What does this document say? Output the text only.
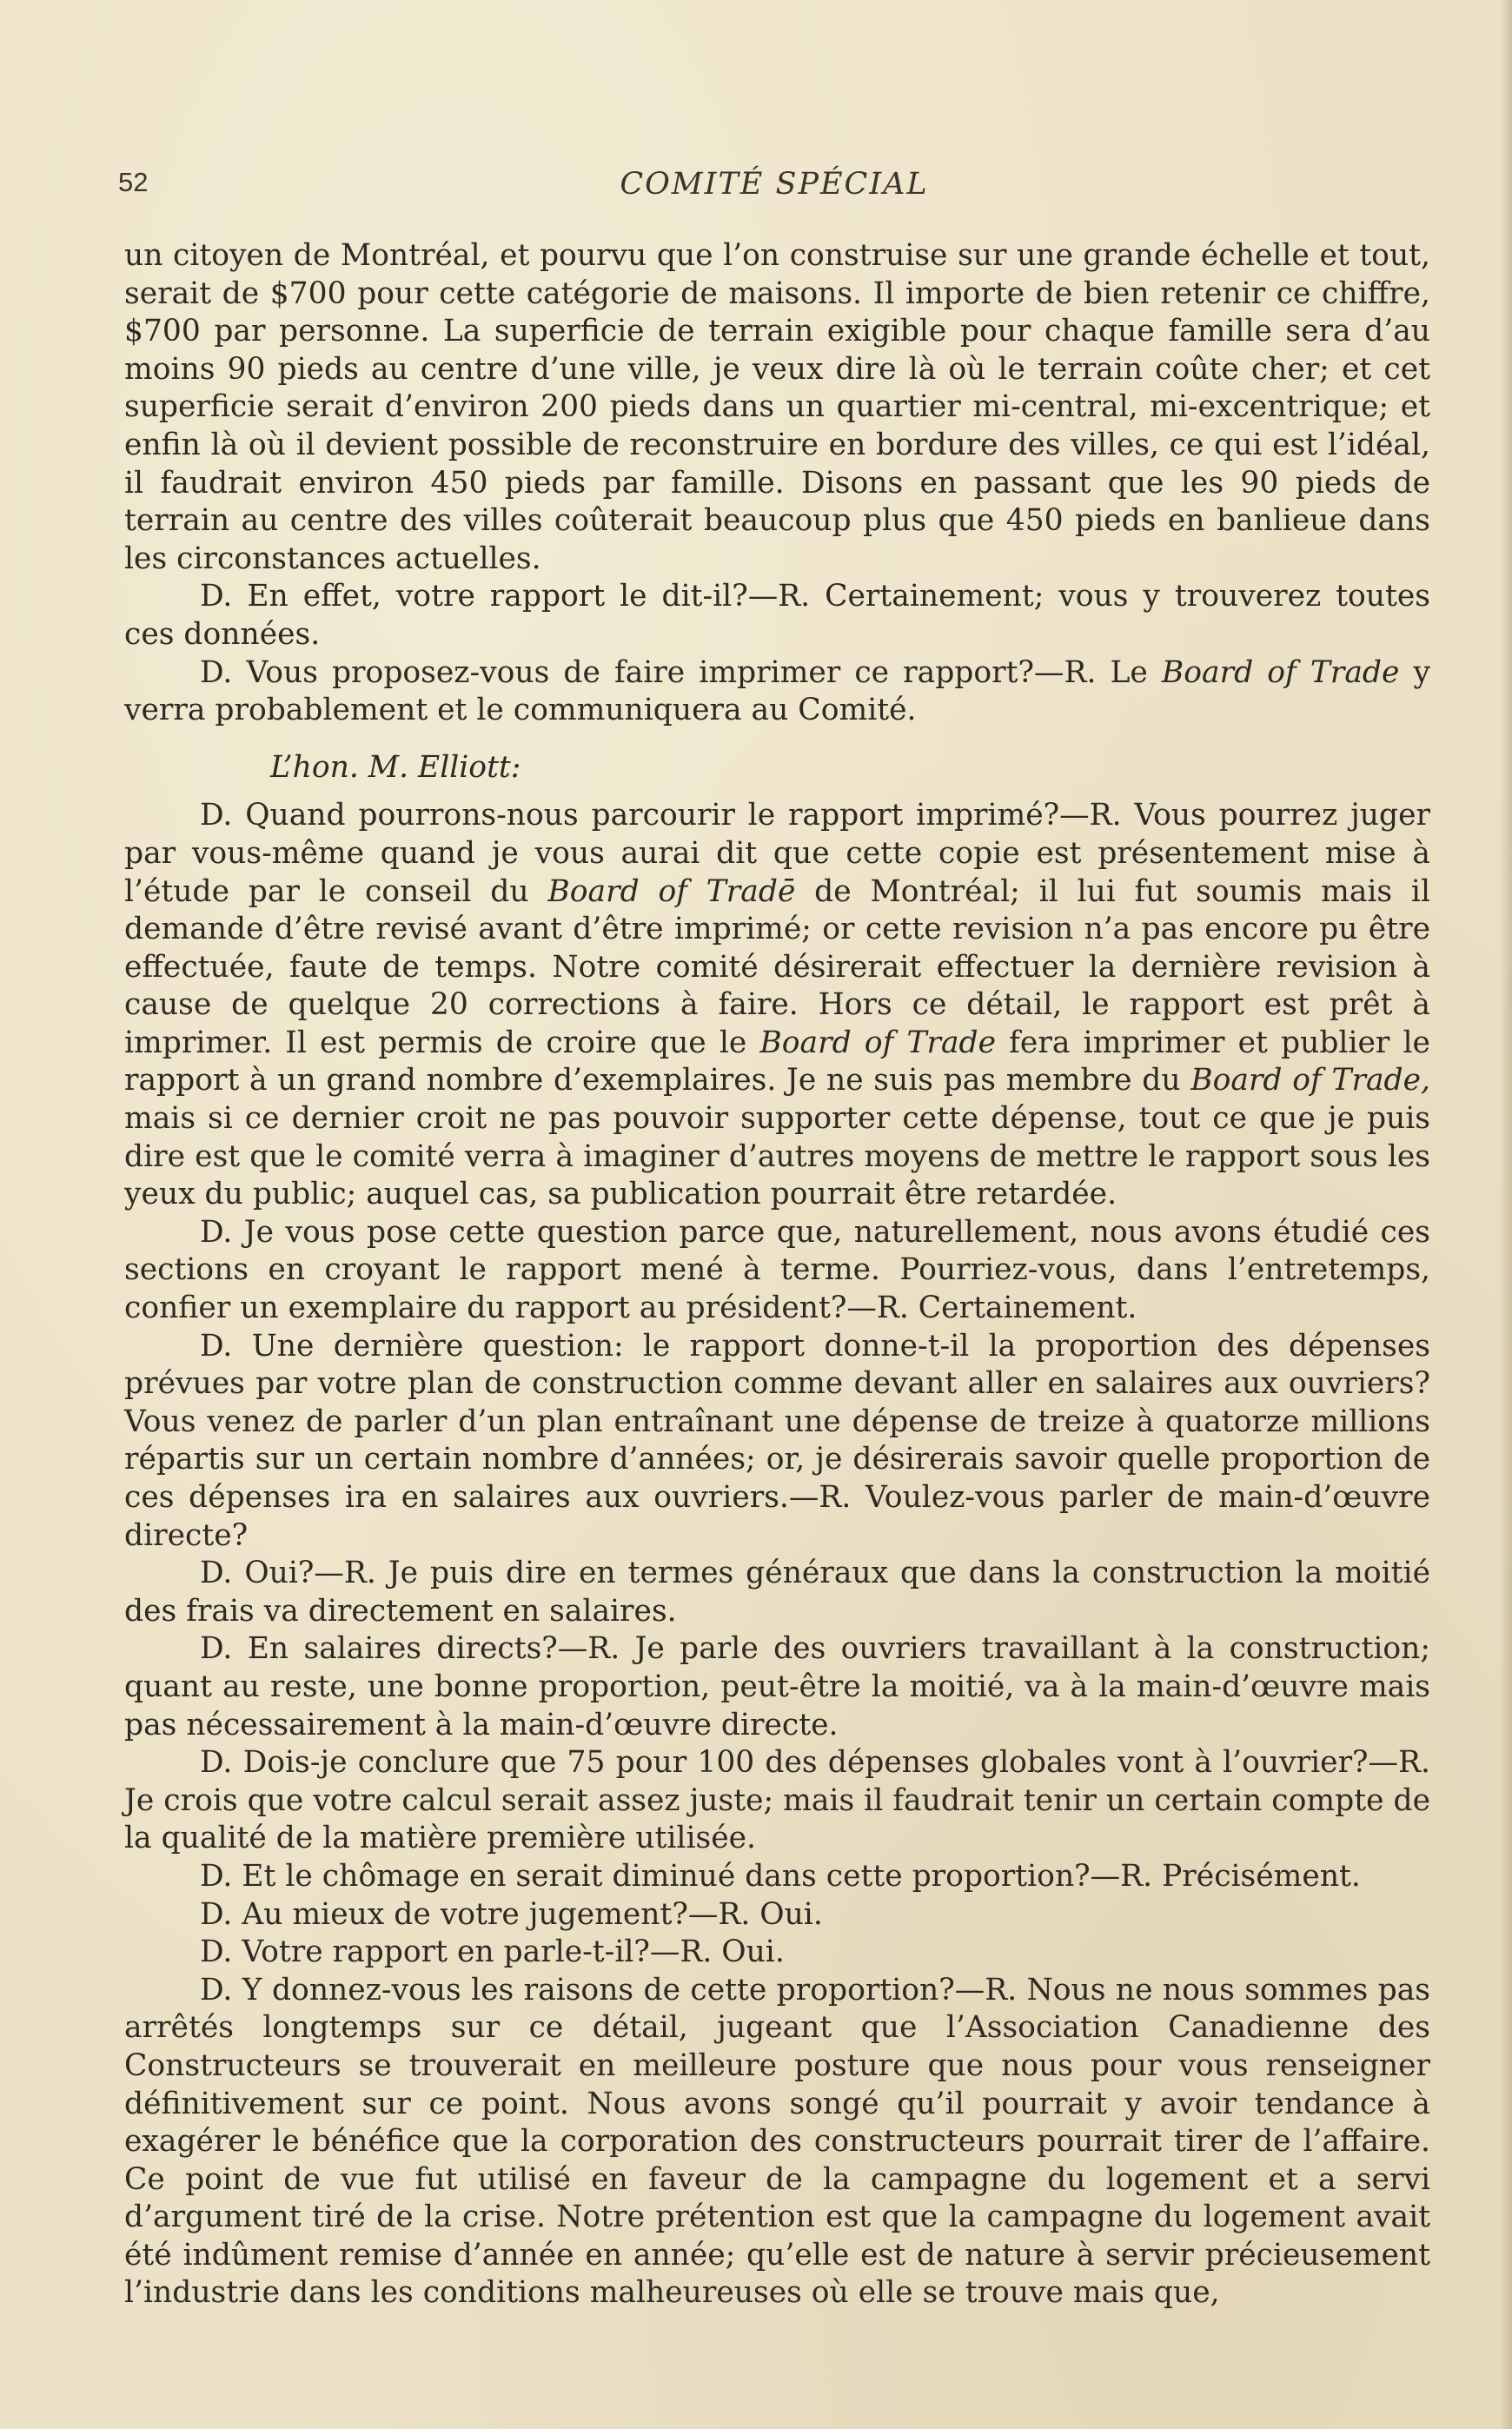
52	COMITÉ SPÉCIAL

un citoyen de Montréal, et pourvu que l’on construise sur une grande échelle et tout, serait de $700 pour cette catégorie de maisons. Il importe de bien retenir ce chiffre, $700 par personne. La superficie de terrain exigible pour chaque famille sera d’au moins 90 pieds au centre d’une ville, je veux dire là où le terrain coûte cher; et cet superficie serait d’environ 200 pieds dans un quartier mi-central, mi-excentrique; et enfin là où il devient possible de reconstruire en bordure des villes, ce qui est l’idéal, il faudrait environ 450 pieds par famille. Disons en passant que les 90 pieds de terrain au centre des villes coûterait beaucoup plus que 450 pieds en banlieue dans les circonstances actuelles.

D. En effet, votre rapport le dit-il?—R. Certainement; vous y trouverez toutes ces données.

D. Vous proposez-vous de faire imprimer ce rapport?—R. Le Board of Trade y verra probablement et le communiquera au Comité.

L’hon. M. Elliott:

D. Quand pourrons-nous parcourir le rapport imprimé?—R. Vous pourrez juger par vous-même quand je vous aurai dit que cette copie est présentement mise à l’étude par le conseil du Board of Tradē de Montréal; il lui fut soumis mais il demande d’être revisé avant d’être imprimé; or cette revision n’a pas encore pu être effectuée, faute de temps. Notre comité désirerait effectuer la dernière revision à cause de quelque 20 corrections à faire. Hors ce détail, le rapport est prêt à imprimer. Il est permis de croire que le Board of Trade fera imprimer et publier le rapport à un grand nombre d’exemplaires. Je ne suis pas membre du Board of Trade, mais si ce dernier croit ne pas pouvoir supporter cette dépense, tout ce que je puis dire est que le comité verra à imaginer d’autres moyens de mettre le rapport sous les yeux du public; auquel cas, sa publication pourrait être retardée.

D. Je vous pose cette question parce que, naturellement, nous avons étudié ces sections en croyant le rapport mené à terme. Pourriez-vous, dans l’entretemps, confier un exemplaire du rapport au président?—R. Certainement.

D. Une dernière question: le rapport donne-t-il la proportion des dépenses prévues par votre plan de construction comme devant aller en salaires aux ouvriers? Vous venez de parler d’un plan entraînant une dépense de treize à quatorze millions répartis sur un certain nombre d’années; or, je désirerais savoir quelle proportion de ces dépenses ira en salaires aux ouvriers.—R. Voulez-vous parler de main-d’œuvre directe?

D. Oui?—R. Je puis dire en termes généraux que dans la construction la moitié des frais va directement en salaires.

D. En salaires directs?—R. Je parle des ouvriers travaillant à la construction; quant au reste, une bonne proportion, peut-être la moitié, va à la main-d’œuvre mais pas nécessairement à la main-d’œuvre directe.

D. Dois-je conclure que 75 pour 100 des dépenses globales vont à l’ouvrier?—R. Je crois que votre calcul serait assez juste; mais il faudrait tenir un certain compte de la qualité de la matière première utilisée.

D. Et le chômage en serait diminué dans cette proportion?—R. Précisément.

D. Au mieux de votre jugement?—R. Oui.

D. Votre rapport en parle-t-il?—R. Oui.

D. Y donnez-vous les raisons de cette proportion?—R. Nous ne nous sommes pas arrêtés longtemps sur ce détail, jugeant que l’Association Canadienne des Constructeurs se trouverait en meilleure posture que nous pour vous renseigner définitivement sur ce point. Nous avons songé qu’il pourrait y avoir tendance à exagérer le bénéfice que la corporation des constructeurs pourrait tirer de l’affaire. Ce point de vue fut utilisé en faveur de la campagne du logement et a servi d’argument tiré de la crise. Notre prétention est que la campagne du logement avait été indûment remise d’année en année; qu’elle est de nature à servir précieusement l’industrie dans les conditions malheureuses où elle se trouve mais que,
